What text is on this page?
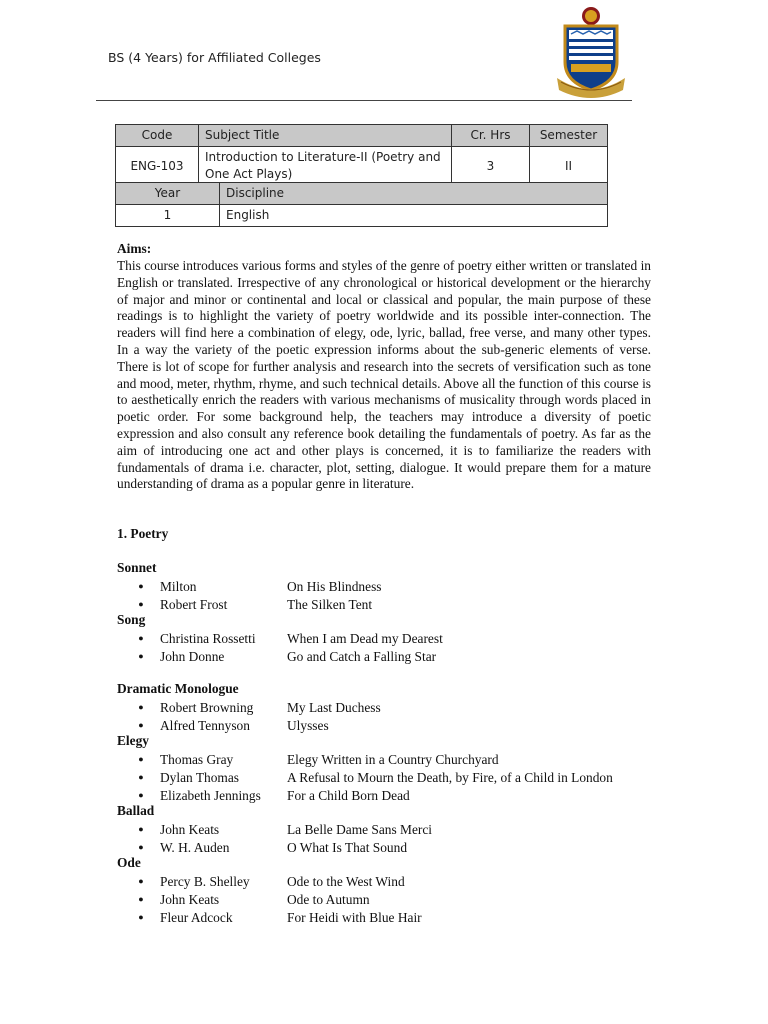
BS (4 Years) for Affiliated Colleges
Code	Subject Title	Cr. Hrs	Semester
ENG-103	Introduction to Literature-II (Poetry and One Act Plays)	3	II
Year	Discipline
1	English
Aims:
This course introduces various forms and styles of the genre of poetry either written or translated in English or translated. Irrespective of any chronological or historical development or the hierarchy of major and minor or continental and local or classical and popular, the main purpose of these readings is to highlight the variety of poetry worldwide and its possible inter-connection. The readers will find here a combination of elegy, ode, lyric, ballad, free verse, and many other types. In a way the variety of the poetic expression informs about the sub-generic elements of verse. There is lot of scope for further analysis and research into the secrets of versification such as tone and mood, meter, rhythm, rhyme, and such technical details. Above all the function of this course is to aesthetically enrich the readers with various mechanisms of musicality through words placed in poetic order. For some background help, the teachers may introduce a diversity of poetic expression and also consult any reference book detailing the fundamentals of poetry. As far as the aim of introducing one act and other plays is concerned, it is to familiarize the readers with fundamentals of drama i.e. character, plot, setting, dialogue. It would prepare them for a mature understanding of drama as a popular genre in literature.
1. Poetry
Sonnet
● Milton	On His Blindness
● Robert Frost	The Silken Tent
Song
● Christina Rossetti When I am Dead my Dearest
● John Donne	Go and Catch a Falling Star
Dramatic Monologue
● Robert Browning	My Last Duchess
● Alfred Tennyson	Ulysses
Elegy
● Thomas Gray	Elegy Written in a Country Churchyard
● Dylan Thomas	A Refusal to Mourn the Death, by Fire, of a Child in London
● Elizabeth Jennings For a Child Born Dead
Ballad
● John Keats	La Belle Dame Sans Merci
● W. H. Auden	O What Is That Sound
Ode
● Percy B. Shelley	Ode to the West Wind
● John Keats	Ode to Autumn
● Fleur Adcock	For Heidi with Blue Hair
